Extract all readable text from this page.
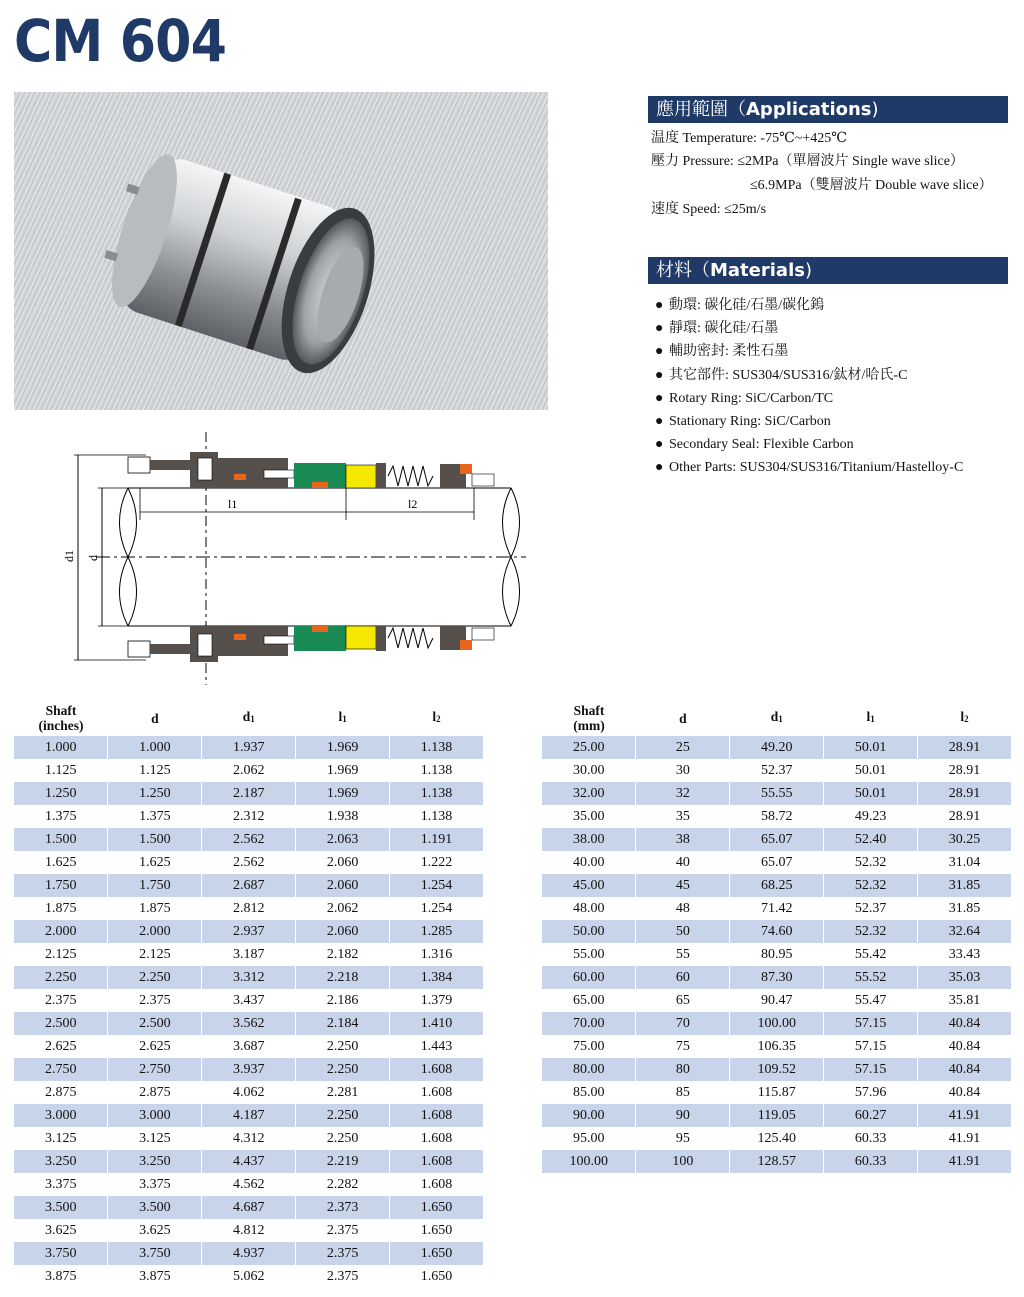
CM 604
應用範圍（Applications)
温度 Temperature: -75℃~+425℃
壓力 Pressure: ≤2MPa（單層波片 Single wave slice）
≤6.9MPa（雙層波片 Double wave slice）
速度 Speed: ≤25m/s
材料（Materials)
● 動環: 碳化硅/石墨/碳化鎢
● 靜環: 碳化硅/石墨
● 輔助密封: 柔性石墨
● 其它部件: SUS304/SUS316/鈦材/哈氏-C
● Rotary Ring: SiC/Carbon/TC
● Stationary Ring: SiC/Carbon
● Secondary Seal: Flexible Carbon
● Other Parts: SUS304/SUS316/Titanium/Hastelloy-C
d1 d
l1	l2
Shaft
(inches)	d	$d_1$	$l_1$	$l_2$
1.000	1.000	1.937	1.969	1.138
1.125	1.125	2.062	1.969	1.138
1.250	1.250	2.187	1.969	1.138
1.375	1.375	2.312	1.938	1.138
1.500	1.500	2.562	2.063	1.191
1.625	1.625	2.562	2.060	1.222
1.750	1.750	2.687	2.060	1.254
1.875	1.875	2.812	2.062	1.254
2.000	2.000	2.937	2.060	1.285
2.125	2.125	3.187	2.182	1.316
2.250	2.250	3.312	2.218	1.384
2.375	2.375	3.437	2.186	1.379
2.500	2.500	3.562	2.184	1.410
2.625	2.625	3.687	2.250	1.443
2.750	2.750	3.937	2.250	1.608
2.875	2.875	4.062	2.281	1.608
3.000	3.000	4.187	2.250	1.608
3.125	3.125	4.312	2.250	1.608
3.250	3.250	4.437	2.219	1.608
3.375	3.375	4.562	2.282	1.608
3.500	3.500	4.687	2.373	1.650
3.625	3.625	4.812	2.375	1.650
3.750	3.750	4.937	2.375	1.650
3.875	3.875	5.062	2.375	1.650
Shaft
(mm)	d	$d_1$	$l_1$	$l_2$
25.00	25	49.20	50.01	28.91
30.00	30	52.37	50.01	28.91
32.00	32	55.55	50.01	28.91
35.00	35	58.72	49.23	28.91
38.00	38	65.07	52.40	30.25
40.00	40	65.07	52.32	31.04
45.00	45	68.25	52.32	31.85
48.00	48	71.42	52.37	31.85
50.00	50	74.60	52.32	32.64
55.00	55	80.95	55.42	33.43
60.00	60	87.30	55.52	35.03
65.00	65	90.47	55.47	35.81
70.00	70	100.00	57.15	40.84
75.00	75	106.35	57.15	40.84
80.00	80	109.52	57.15	40.84
85.00	85	115.87	57.96	40.84
90.00	90	119.05	60.27	41.91
95.00	95	125.40	60.33	41.91
100.00	100	128.57	60.33	41.91
